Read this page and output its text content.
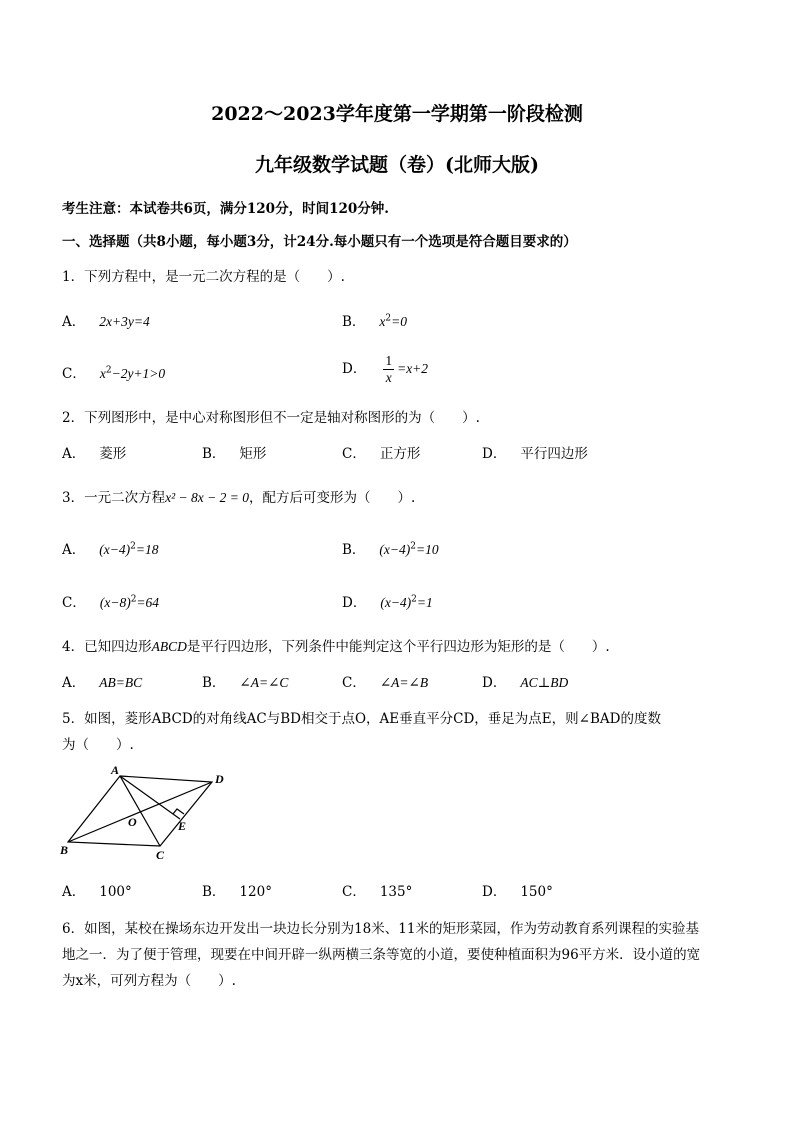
2022～2023学年度第一学期第一阶段检测
九年级数学试题（卷）(北师大版)
考生注意：本试卷共6页，满分120分，时间120分钟.
一、选择题（共8小题，每小题3分，计24分.每小题只有一个选项是符合题目要求的）
1．下列方程中，是一元二次方程的是（　　）.
A． 2x+3y=4	B． $x^2=0$
C． $x^2-2y+1>0$	D． $\frac{1}{x} =x+2$
2．下列图形中，是中心对称图形但不一定是轴对称图形的为（　　）.
A． 菱形	B． 矩形	C． 正方形	D． 平行四边形
3．一元二次方程x² − 8x − 2 = 0，配方后可变形为（　　）.
A． $(x-4)^2=18$	B． $(x-4)^2=10$
C． $(x-8)^2=64$	D． $(x-4)^2=1$
4．已知四边形ABCD是平行四边形，下列条件中能判定这个平行四边形为矩形的是（　　）.
A． AB=BC	B． ∠A=∠C	C． ∠A=∠B	D． AC⊥BD
5．如图，菱形ABCD的对角线AC与BD相交于点O，AE垂直平分CD，垂足为点E，则∠BAD的度数
为（　　）.
A
D
O	E
B	C
A． 100°	B． 120°	C． 135°	D． 150°
6．如图，某校在操场东边开发出一块边长分别为18米、11米的矩形菜园，作为劳动教育系列课程的实验基
地之一．为了便于管理，现要在中间开辟一纵两横三条等宽的小道，要使种植面积为96平方米．设小道的宽
为x米，可列方程为（　　）.
